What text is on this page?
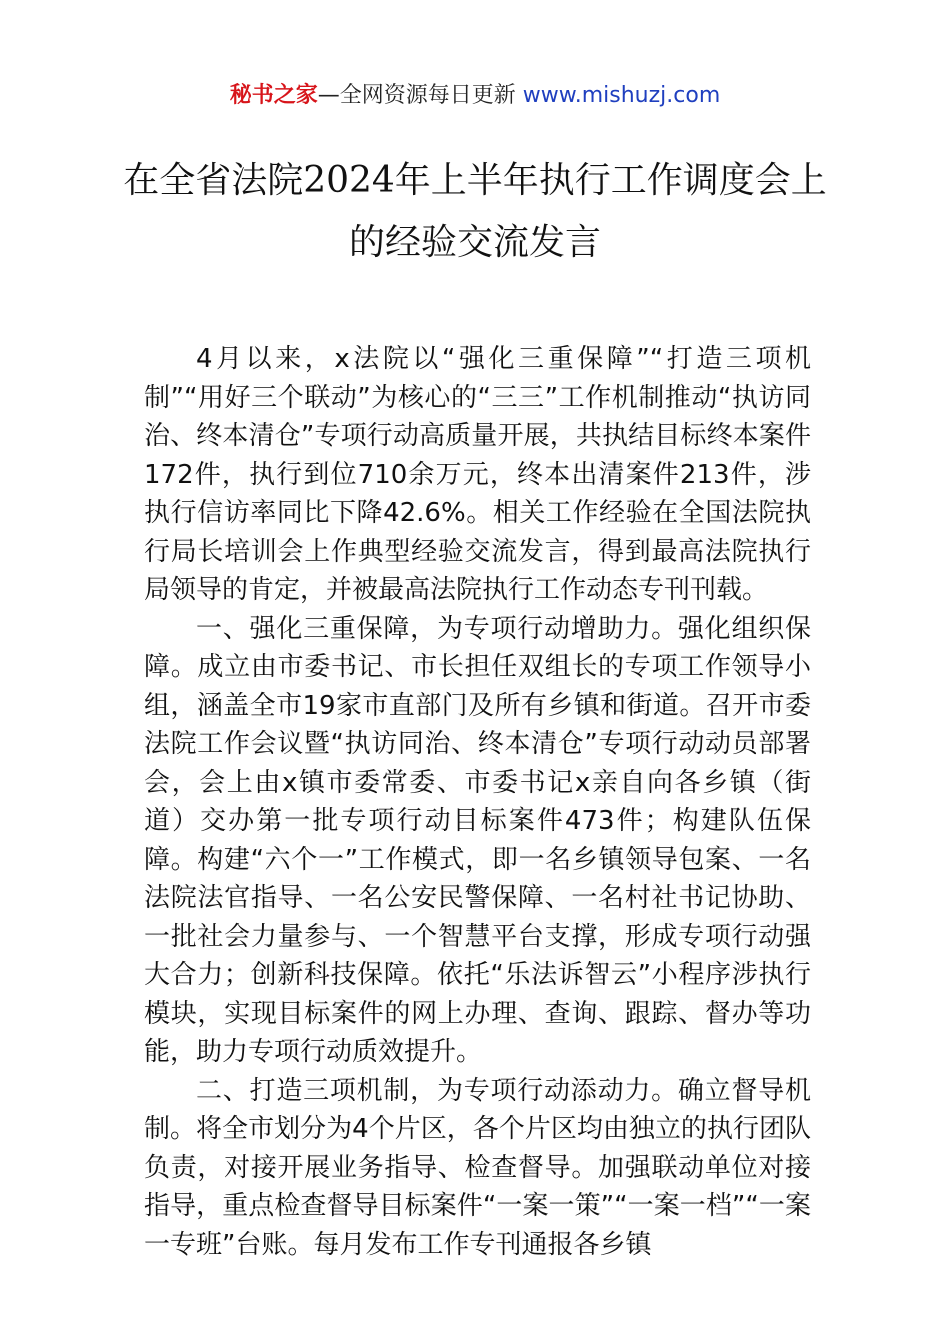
秘书之家—全网资源每日更新 www.mishuzj.com
在全省法院2024年上半年执行工作调度会上的经验交流发言

4月以来，x法院以“强化三重保障”“打造三项机制”“用好三个联动”为核心的“三三”工作机制推动“执访同治、终本清仓”专项行动高质量开展，共执结目标终本案件172件，执行到位710余万元，终本出清案件213件，涉执行信访率同比下降42.6%。相关工作经验在全国法院执行局长培训会上作典型经验交流发言，得到最高法院执行局领导的肯定，并被最高法院执行工作动态专刊刊载。

一、强化三重保障，为专项行动增助力。强化组织保障。成立由市委书记、市长担任双组长的专项工作领导小组，涵盖全市19家市直部门及所有乡镇和街道。召开市委法院工作会议暨“执访同治、终本清仓”专项行动动员部署会，会上由x镇市委常委、市委书记x亲自向各乡镇（街道）交办第一批专项行动目标案件473件；构建队伍保障。构建“六个一”工作模式，即一名乡镇领导包案、一名法院法官指导、一名公安民警保障、一名村社书记协助、一批社会力量参与、一个智慧平台支撑，形成专项行动强大合力；创新科技保障。依托“乐法诉智云”小程序涉执行模块，实现目标案件的网上办理、查询、跟踪、督办等功能，助力专项行动质效提升。

二、打造三项机制，为专项行动添动力。确立督导机制。将全市划分为4个片区，各个片区均由独立的执行团队负责，对接开展业务指导、检查督导。加强联动单位对接指导，重点检查督导目标案件“一案一策”“一案一档”“一案一专班”台账。每月发布工作专刊通报各乡镇
